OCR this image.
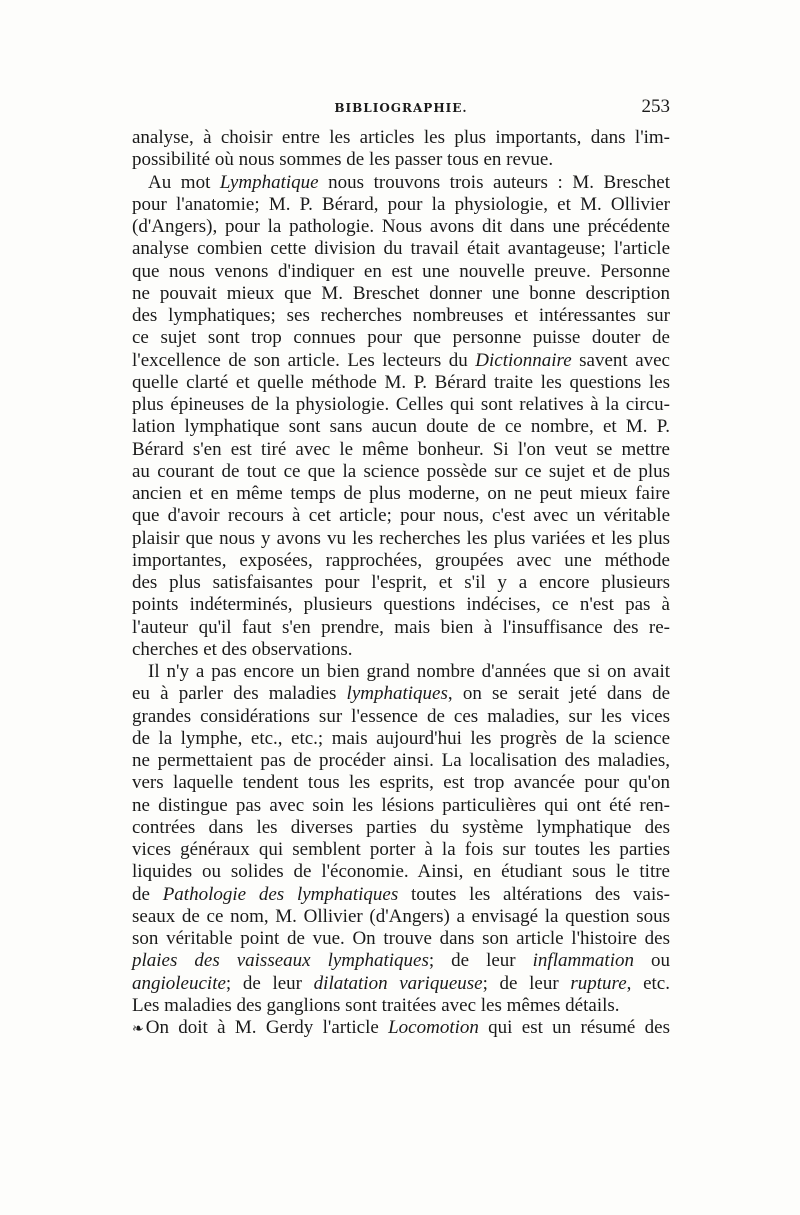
BIBLIOGRAPHIE.	253
analyse, à choisir entre les articles les plus importants, dans l'im-
possibilité où nous sommes de les passer tous en revue.
Au mot Lymphatique nous trouvons trois auteurs : M. Breschet
pour l'anatomie; M. P. Bérard, pour la physiologie, et M. Ollivier
(d'Angers), pour la pathologie. Nous avons dit dans une précédente
analyse combien cette division du travail était avantageuse; l'article
que nous venons d'indiquer en est une nouvelle preuve. Personne
ne pouvait mieux que M. Breschet donner une bonne description
des lymphatiques; ses recherches nombreuses et intéressantes sur
ce sujet sont trop connues pour que personne puisse douter de
l'excellence de son article. Les lecteurs du Dictionnaire savent avec
quelle clarté et quelle méthode M. P. Bérard traite les questions les
plus épineuses de la physiologie. Celles qui sont relatives à la circu-
lation lymphatique sont sans aucun doute de ce nombre, et M. P.
Bérard s'en est tiré avec le même bonheur. Si l'on veut se mettre
au courant de tout ce que la science possède sur ce sujet et de plus
ancien et en même temps de plus moderne, on ne peut mieux faire
que d'avoir recours à cet article; pour nous, c'est avec un véritable
plaisir que nous y avons vu les recherches les plus variées et les plus
importantes, exposées, rapprochées, groupées avec une méthode
des plus satisfaisantes pour l'esprit, et s'il y a encore plusieurs
points indéterminés, plusieurs questions indécises, ce n'est pas à
l'auteur qu'il faut s'en prendre, mais bien à l'insuffisance des re-
cherches et des observations.
Il n'y a pas encore un bien grand nombre d'années que si on avait
eu à parler des maladies lymphatiques, on se serait jeté dans de
grandes considérations sur l'essence de ces maladies, sur les vices
de la lymphe, etc., etc.; mais aujourd'hui les progrès de la science
ne permettaient pas de procéder ainsi. La localisation des maladies,
vers laquelle tendent tous les esprits, est trop avancée pour qu'on
ne distingue pas avec soin les lésions particulières qui ont été ren-
contrées dans les diverses parties du système lymphatique des
vices généraux qui semblent porter à la fois sur toutes les parties
liquides ou solides de l'économie. Ainsi, en étudiant sous le titre
de Pathologie des lymphatiques toutes les altérations des vais-
seaux de ce nom, M. Ollivier (d'Angers) a envisagé la question sous
son véritable point de vue. On trouve dans son article l'histoire des
plaies des vaisseaux lymphatiques; de leur inflammation ou
angioleucite; de leur dilatation variqueuse; de leur rupture, etc.
Les maladies des ganglions sont traitées avec les mêmes détails.
❧ On doit à M. Gerdy l'article Locomotion qui est un résumé des
